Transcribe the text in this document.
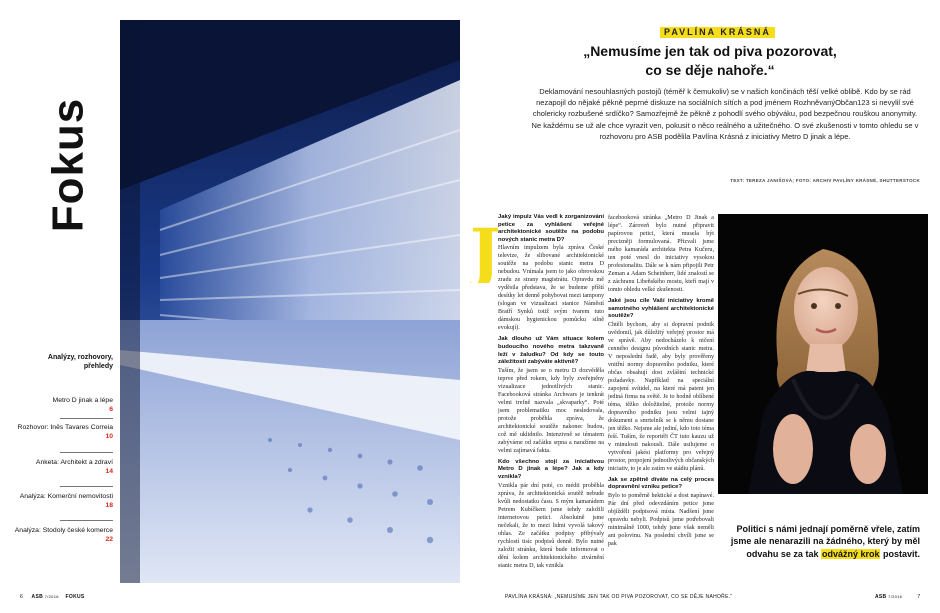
Fokus
Analýzy, rozhovory, přehledy
Metro D jinak a lépe
6
Rozhovor: Inês Tavares Correia
10
Anketa: Architekt a zdraví
14
Analýza: Komerční nemovitosti
18
Analýza: Stodoly české komerce
22
6 ASB 7/2016 FOKUS
PAVLÍNA KRÁSNÁ
„Nemusíme jen tak od piva pozorovat,
co se děje nahoře.“
Deklamování nesouhlasných postojů (téměř k čemukoliv) se v našich končinách těší velké oblibě. Kdo by se rád nezapojil do nějaké pěkně peprné diskuze na sociálních sítích a pod jménem RozhněvanýObčan123 si nevylil své cholericky rozbušené srdíčko? Samozřejmě že pěkně z pohodlí svého obýváku, pod bezpečnou rouškou anonymity. Ne každému se už ale chce vyrazit ven, pokusit o něco reálného a užitečného. O své zkušenosti v tomto ohledu se v rozhovoru pro ASB podělila Pavlína Krásná z iniciativy Metro D jinak a lépe.
TEXT: TEREZA JANIŠOVÁ; FOTO: ARCHIV PAVLÍNY KRÁSNÉ, SHUTTERSTOCK
J
Jaký impulz Vás vedl k zorganizování petice za vyhlášení veřejné architektonické soutěže na podobu nových stanic metra D?
Hlavním impulzem byla zpráva České televize, že slibované architektonické soutěže na podobu stanic metra D nebudou. Vnímala jsem to jako obrovskou zradu ze strany magistrátu. Opravdu mě vyděsila představa, že se budeme příští desítky let denně pohybovat mezi tampony (slogan ve vizualizaci stanice Náměstí Bratří Synků totiž svým tvarem tuto dámskou hygienickou pomůcku silně evokují).
Jak dlouho už Vám situace kolem budoucího nového metra takzvaně leží v žaludku? Od kdy se touto záležitostí zabýváte aktivně?
Tuším, že jsem se o metru D dozvěděla teprve před rokem, kdy byly zveřejněny vizualizace jednotlivých stanic. Facebooková stránka Archwars je tenkrát velmi trefně nazvala „skvaparky“. Poté jsem problematiku moc nesledovala, protože proběhla zpráva, že architektonické soutěže nakonec budou, což mě uklidnilo. Intenzivně se tématem zabýváme od začátku srpna a naražíme na velmi zajímavá fakta.
Kdo všechno stojí za iniciativou Metro D jinak a lépe? Jak a kdy vznikla?
Vznikla pár dní poté, co médii proběhla zpráva, že architektonická soutěž nebude kvůli nedostatku času. S mým kamarádem Petrem Kubíčkem jsme tehdy založili internetovou petici. Absolutně jsme nečekali, že to mezi lidmi vyvolá takový ohlas. Ze začátku podpisy přibývaly rychlostí tisíc podpisů denně. Bylo nutné založit stránku, která bude informovat o dění kolem architektonického ztvárnění stanic metra D, tak vznikla
facebooková stránka „Metro D Jinak a lépe“. Zároveň bylo nutné připravit papírovou petici, která musela být precizněji formulovaná. Přizvali jsme mého kamaráda architekta Petra Kučeru, ten poté vnesl do iniciativy vysokou profesionalitu. Dále se k nám připojili Petr Zeman a Adam Scheinherr, lidé znalostí se z záchranu Libeňského mostu, kteří mají v tomto ohledu velké zkušenosti.
Jaké jsou cíle Vaší iniciativy kromě samotného vyhlášení architektonické soutěže?
Chtěli bychom, aby si dopravní podnik uvědomil, jak důležitý veřejný prostor má ve správě. Aby nedocházelo k ničení cenného designu původních stanic metra. V neposlední řadě, aby byly prověřeny vnitřní normy dopravního podniku, které občas obsahují dost zvláštní technické požadavky. Například na speciální zapojení svítidel, na které má patent jen jediná firma na světě. Je to hodně oblíbené téma, těžko doložitelné, protože normy dopravního podniku jsou velmi tajný dokument a smrtelník se k němu dostane jen těžko. Nejsme ale jediní, kdo toto téma řeší. Tuším, že reportéři ČT tuto kauzu už v minulosti nakousli. Dále usilujeme o vytvoření jakési platformy pro veřejný prostor, propojení jednotlivých občanských iniciativ, to je ale zatím ve stádiu plánů.
Jak se zpětně díváte na celý proces dopravnění vzniku petice?
Bylo to poměrně hektické a dost napínavé. Pár dní před odevzdáním petice jsme objížděli podpisová místa. Nadšení jsme opravdu nebyli. Podpisů jsme potřebovali minimálně 1000, tehdy jsme však neměli ani polovinu. Na poslední chvíli jsme se pak
Politici s námi jednají poměrně vřele, zatím jsme ale nenarazili na žádného, který by měl odvahu se za tak odvážný krok postavit.
PAVLÍNA KRÁSNÁ: „NEMUSÍME JEN TAK OD PIVA POZOROVAT, CO SE DĚJE NAHOŘE.“	ASB 7/2016	7
